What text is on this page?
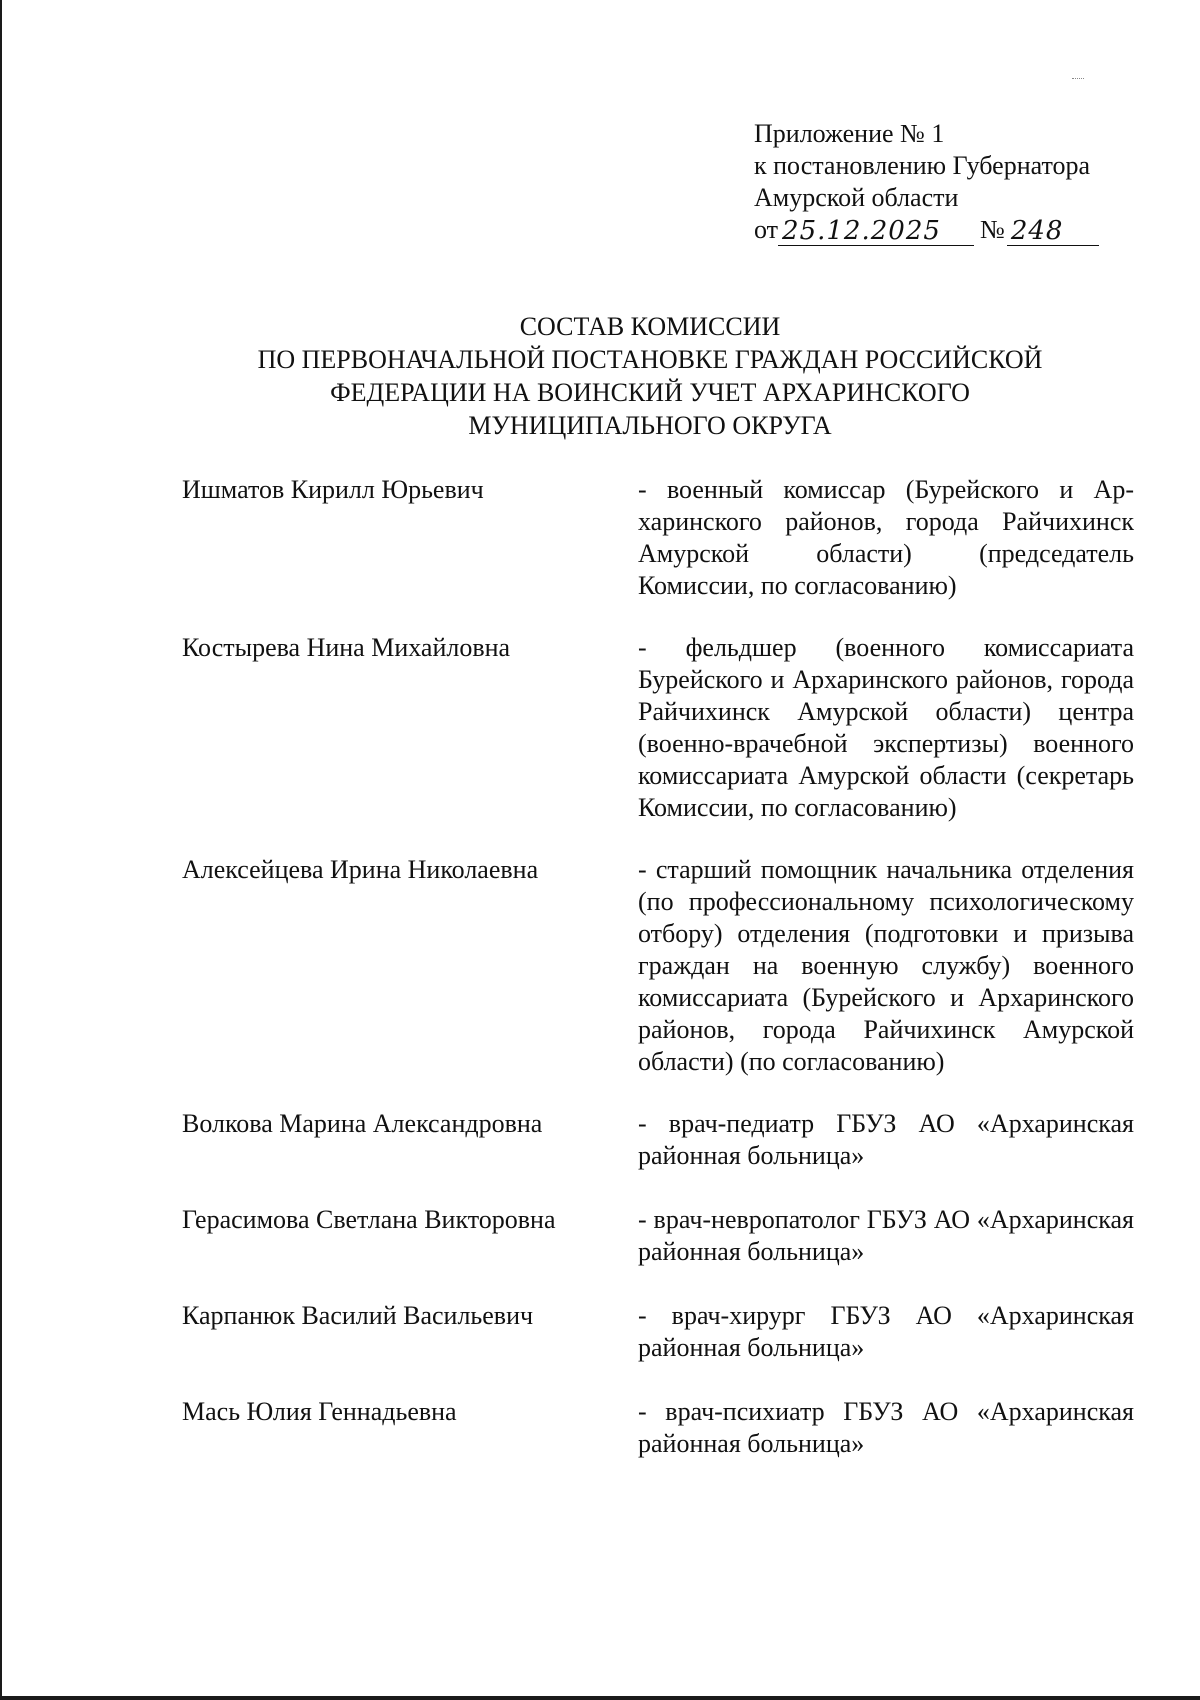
Приложение № 1
к постановлению Губернатора
Амурской области
от 25.12.2025	№ 248
СОСТАВ КОМИССИИ
ПО ПЕРВОНАЧАЛЬНОЙ ПОСТАНОВКЕ ГРАЖДАН РОССИЙСКОЙ
ФЕДЕРАЦИИ НА ВОИНСКИЙ УЧЕТ АРХАРИНСКОГО
МУНИЦИПАЛЬНОГО ОКРУГА
Ишматов Кирилл Юрьевич	- военный комиссар (Бурейского и Архаринского районов, города Райчихинск Амурской области) (председатель Комиссии, по согласованию)
Костырева Нина Михайловна	- фельдшер (военного комиссариата Бурейского и Архаринского районов, города Райчихинск Амурской области) центра (военно-врачебной экспертизы) военного комиссариата Амурской области (секретарь Комиссии, по согласованию)
Алексейцева Ирина Николаевна	- старший помощник начальника отделения (по профессиональному психологическому отбору) отделения (подготовки и призыва граждан на военную службу) военного комиссариата (Бурейского и Архаринского районов, города Райчихинск Амурской области) (по согласованию)
Волкова Марина Александровна	- врач-педиатр ГБУЗ АО «Архаринская районная больница»
Герасимова Светлана Викторовна	- врач-невропатолог ГБУЗ АО «Архаринская районная больница»
Карпанюк Василий Васильевич	- врач-хирург ГБУЗ АО «Архаринская районная больница»
Мась Юлия Геннадьевна	- врач-психиатр ГБУЗ АО «Архаринская районная больница»
